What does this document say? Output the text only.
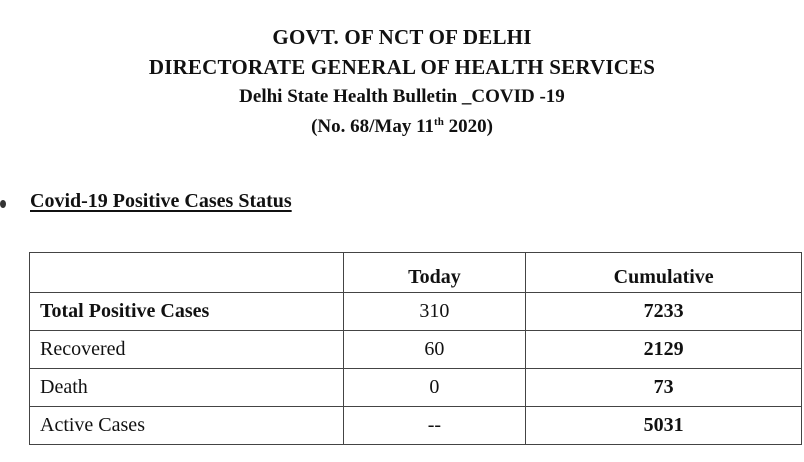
GOVT. OF NCT OF DELHI
DIRECTORATE GENERAL OF HEALTH SERVICES
Delhi State Health Bulletin _COVID -19
(No. 68/May 11th 2020)
Covid-19 Positive Cases Status
	Today	Cumulative
Total Positive Cases	310	7233
Recovered	60	2129
Death	0	73
Active Cases	--	5031
